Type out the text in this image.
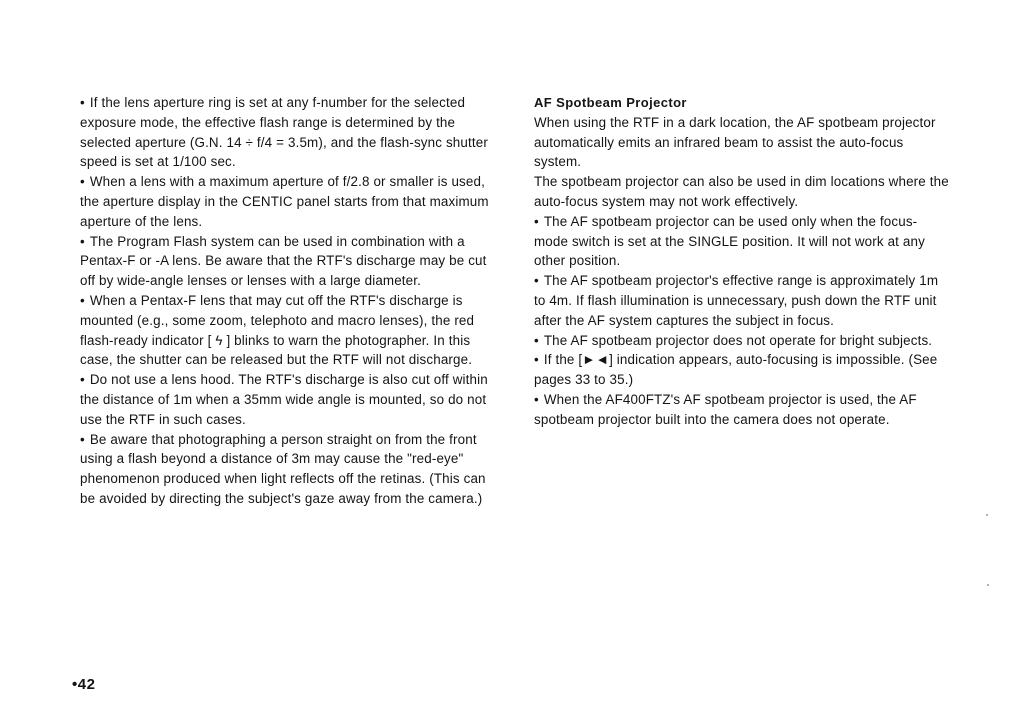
• If the lens aperture ring is set at any f-number for the selected exposure mode, the effective flash range is determined by the selected aperture (G.N. 14 ÷ f/4 = 3.5m), and the flash-sync shutter speed is set at 1/100 sec.

• When a lens with a maximum aperture of f/2.8 or smaller is used, the aperture display in the CENTIC panel starts from that maximum aperture of the lens.

• The Program Flash system can be used in combination with a Pentax-F or -A lens. Be aware that the RTF's discharge may be cut off by wide-angle lenses or lenses with a large diameter.

• When a Pentax-F lens that may cut off the RTF's discharge is mounted (e.g., some zoom, telephoto and macro lenses), the red flash-ready indicator [ ϟ ] blinks to warn the photographer. In this case, the shutter can be released but the RTF will not discharge.

• Do not use a lens hood. The RTF's discharge is also cut off within the distance of 1m when a 35mm wide angle is mounted, so do not use the RTF in such cases.

• Be aware that photographing a person straight on from the front using a flash beyond a distance of 3m may cause the "red-eye" phenomenon produced when light reflects off the retinas. (This can be avoided by directing the subject's gaze away from the camera.)

AF Spotbeam Projector

When using the RTF in a dark location, the AF spotbeam projector automatically emits an infrared beam to assist the auto-focus system.

The spotbeam projector can also be used in dim locations where the auto-focus system may not work effectively.

• The AF spotbeam projector can be used only when the focus-mode switch is set at the SINGLE position. It will not work at any other position.

• The AF spotbeam projector's effective range is approximately 1m to 4m. If flash illumination is unnecessary, push down the RTF unit after the AF system captures the subject in focus.

• The AF spotbeam projector does not operate for bright subjects.

• If the [►◄] indication appears, auto-focusing is impossible. (See pages 33 to 35.)

• When the AF400FTZ's AF spotbeam projector is used, the AF spotbeam projector built into the camera does not operate.

•42
